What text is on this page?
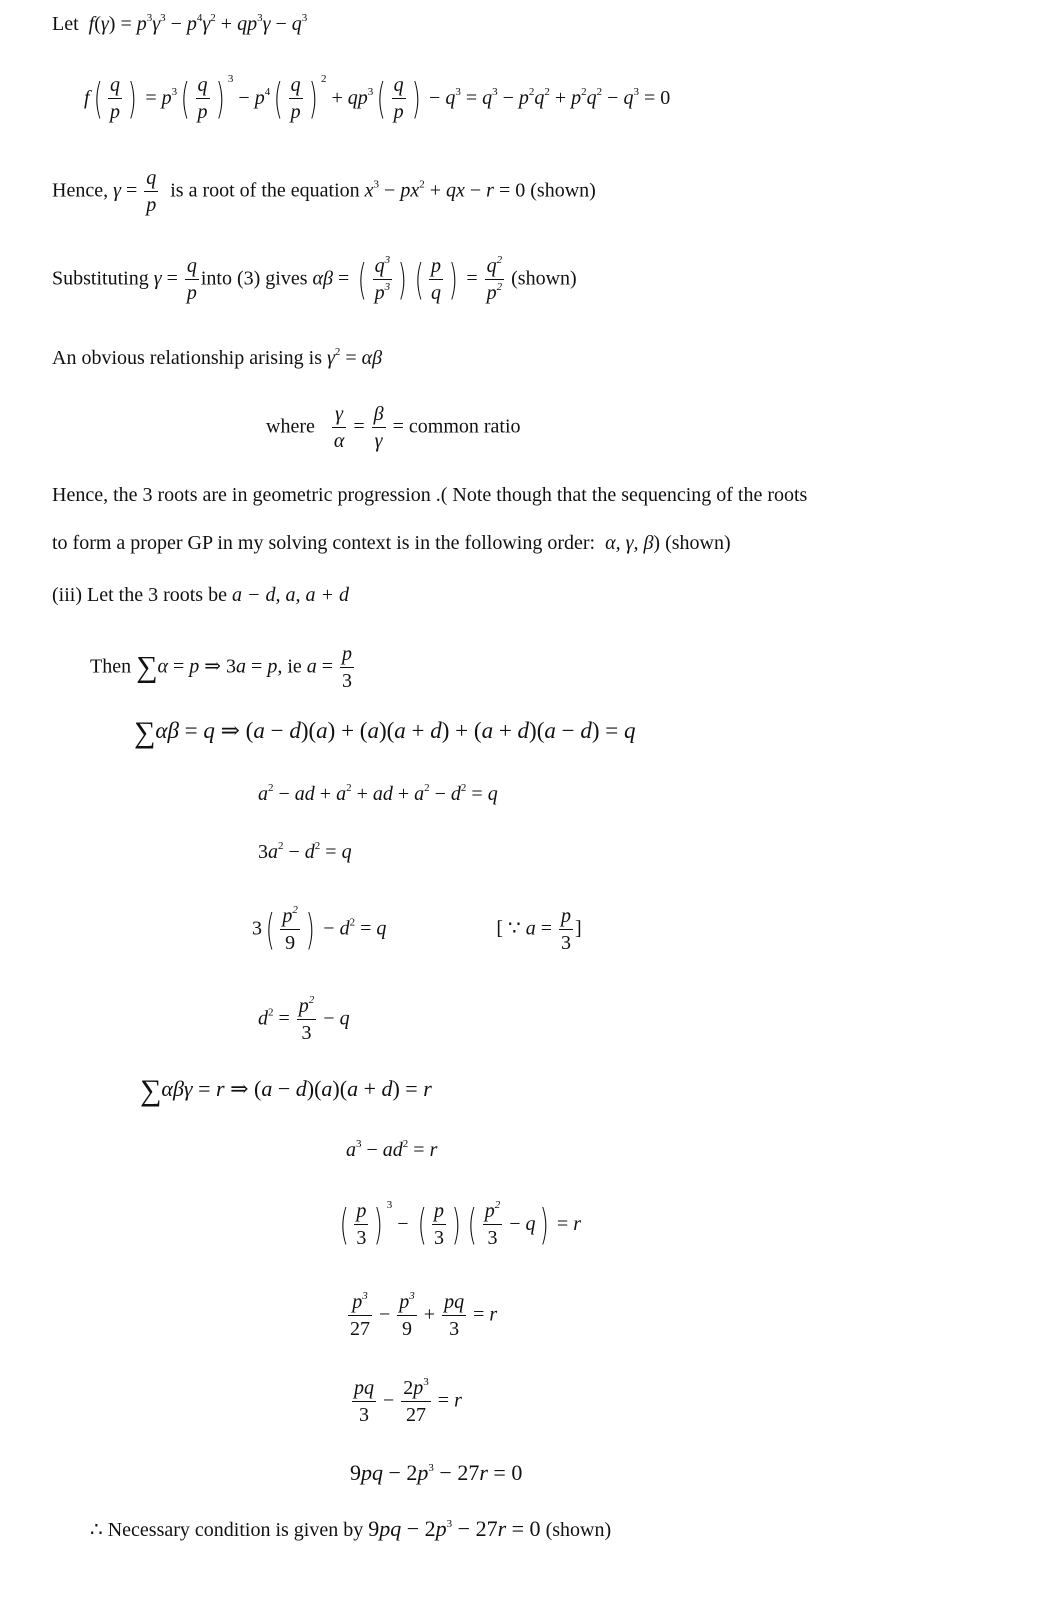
Let  $f(\gamma) = p^3\gamma^3 - p^4\gamma^2 + qp^3\gamma - q^3$
$f( \frac{q}{p}$ ) = $p^3( \frac{q}{p}$ ) $3 - p^4( \frac{q}{p}$ ) $2 + qp^3( \frac{q}{p}$ ) − $q^3 = q^3 - p^2q^2 + p^2q^2 - q^3 = 0$
Hence, $\gamma = \frac{q}{p}$ is a root of the equation $x^3 - px^2$ + qx − r = 0 (shown)
Substituting $\gamma = \frac{q}{p}$ into (3) gives αβ = ( $\frac{q^3}{p^3}$ ) ( $\frac{p}{q}$ ) = $\frac{q^2}{p^2}$ (shown)
An obvious relationship arising is $\gamma^2 = \alpha\beta$
where $\frac{\gamma}{\alpha} = \frac{\beta}{\gamma}$ = common ratio
Hence, the 3 roots are in geometric progression .( Note though that the sequencing of the roots
to form a proper GP in my solving context is in the following order: α, γ, β) (shown)
(iii) Let the 3 roots be a − d, a, a + d
Then ∑α = p ⇒ 3a = p, ie $a = \frac{p}{3}$
∑αβ = q ⇒ (a − d)(a) + (a)(a + d) + (a + d)(a − d) = q
$a^2$ − ad + $a^2$ + ad + $a^2 - d^2 = q$
$3a^2 - d^2 = q$
$3( \frac{p^2}{9}$ ) − $d^2 = q$	[ ∵ $a = \frac{p}{3}$ ]
$d^2 = \frac{p^2}{3} - q$
∑αβγ = r ⇒ (a − d)(a)(a + d) = r
$a^3 - ad^2 = r$
( $\frac{p}{3}$ ) 3 − ( $\frac{p}{3}$ ) ( $\frac{p^2}{3} - q) = r$
$\frac{p^3}{27} - \frac{p^3}{9} + \frac{pq}{3} = r$
$\frac{pq}{3} - \frac{2p^3}{27} = r$
$9pq - 2p^3 - 27r = 0$
∴ Necessary condition is given by $9pq - 2p^3 - 27r = 0$ (shown)
